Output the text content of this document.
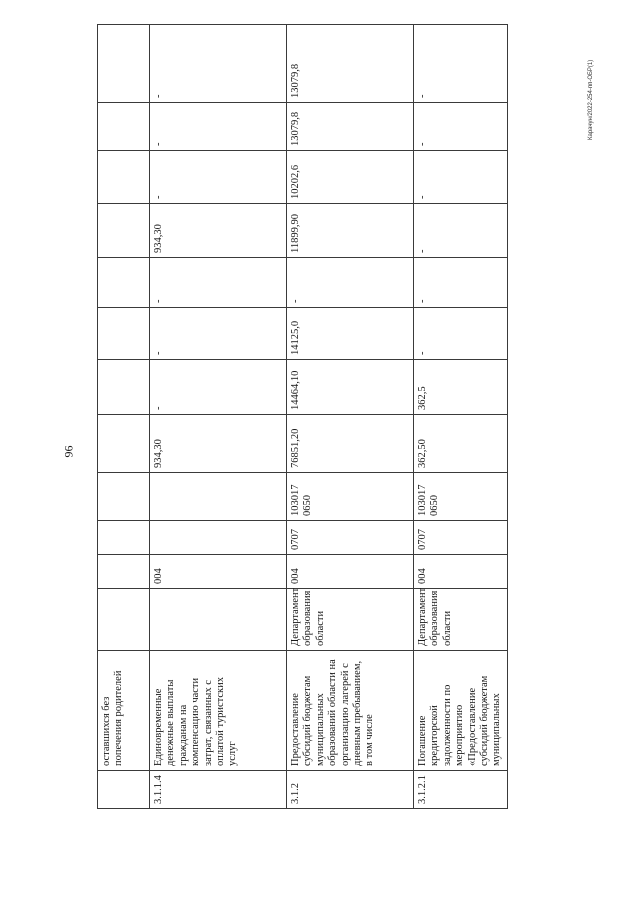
96
Карачун/2022-254-пп-ОБР(1)
	оставшихся без попечения родителей												
3.1.1.4	Единовременные денежные выплаты гражданам на компенсацию части затрат, связанных с оплатой туристских услуг		004			934,30	-	-	-	934,30	-	-	-
3.1.2	Предоставление субсидий бюджетам муниципальных образований области на организацию лагерей с дневным пребыванием, в том числе	Департамент образования области	004	0707	103017 0650	76851,20	14464,10	14125,0	-	11899,90	10202,6	13079,8	13079,8
3.1.2.1	Погашение кредиторской задолженности по мероприятию «Предоставление субсидий бюджетам муниципальных	Департамент образования области	004	0707	103017 0650	362,50	362,5	-	-	-	-	-	-
